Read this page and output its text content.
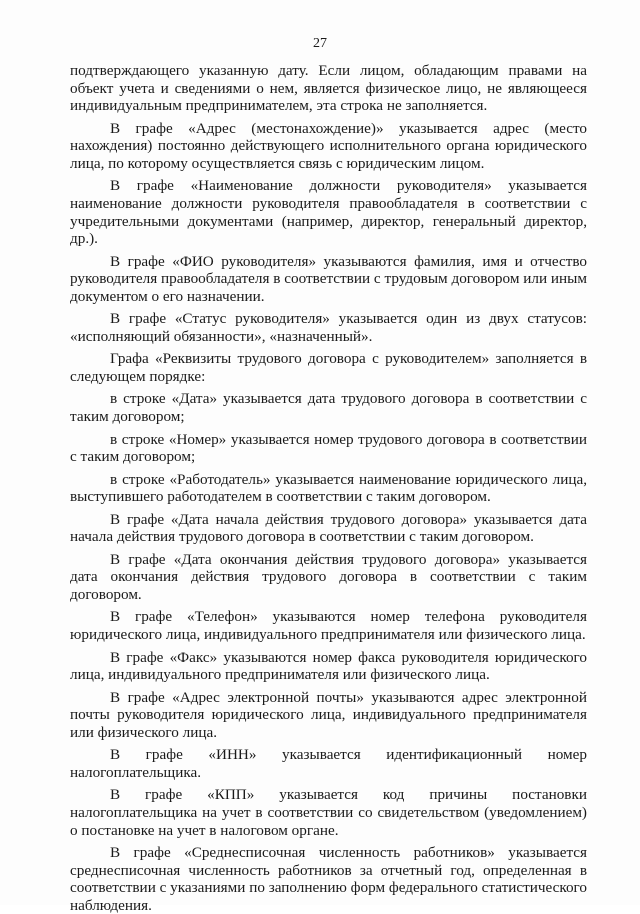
27

подтверждающего указанную дату. Если лицом, обладающим правами на объект учета и сведениями о нем, является физическое лицо, не являющееся индивидуальным предпринимателем, эта строка не заполняется.

В графе «Адрес (местонахождение)» указывается адрес (место нахождения) постоянно действующего исполнительного органа юридического лица, по которому осуществляется связь с юридическим лицом.

В графе «Наименование должности руководителя» указывается наименование должности руководителя правообладателя в соответствии с учредительными документами (например, директор, генеральный директор, др.).

В графе «ФИО руководителя» указываются фамилия, имя и отчество руководителя правообладателя в соответствии с трудовым договором или иным документом о его назначении.

В графе «Статус руководителя» указывается один из двух статусов: «исполняющий обязанности», «назначенный».

Графа «Реквизиты трудового договора с руководителем» заполняется в следующем порядке:

в строке «Дата» указывается дата трудового договора в соответствии с таким договором;

в строке «Номер» указывается номер трудового договора в соответствии с таким договором;

в строке «Работодатель» указывается наименование юридического лица, выступившего работодателем в соответствии с таким договором.

В графе «Дата начала действия трудового договора» указывается дата начала действия трудового договора в соответствии с таким договором.

В графе «Дата окончания действия трудового договора» указывается дата окончания действия трудового договора в соответствии с таким договором.

В графе «Телефон» указываются номер телефона руководителя юридического лица, индивидуального предпринимателя или физического лица.

В графе «Факс» указываются номер факса руководителя юридического лица, индивидуального предпринимателя или физического лица.

В графе «Адрес электронной почты» указываются адрес электронной почты руководителя юридического лица, индивидуального предпринимателя или физического лица.

В графе «ИНН» указывается идентификационный номер налогоплательщика.

В графе «КПП» указывается код причины постановки налогоплательщика на учет в соответствии со свидетельством (уведомлением) о постановке на учет в налоговом органе.

В графе «Среднесписочная численность работников» указывается среднесписочная численность работников за отчетный год, определенная в соответствии с указаниями по заполнению форм федерального статистического наблюдения.
